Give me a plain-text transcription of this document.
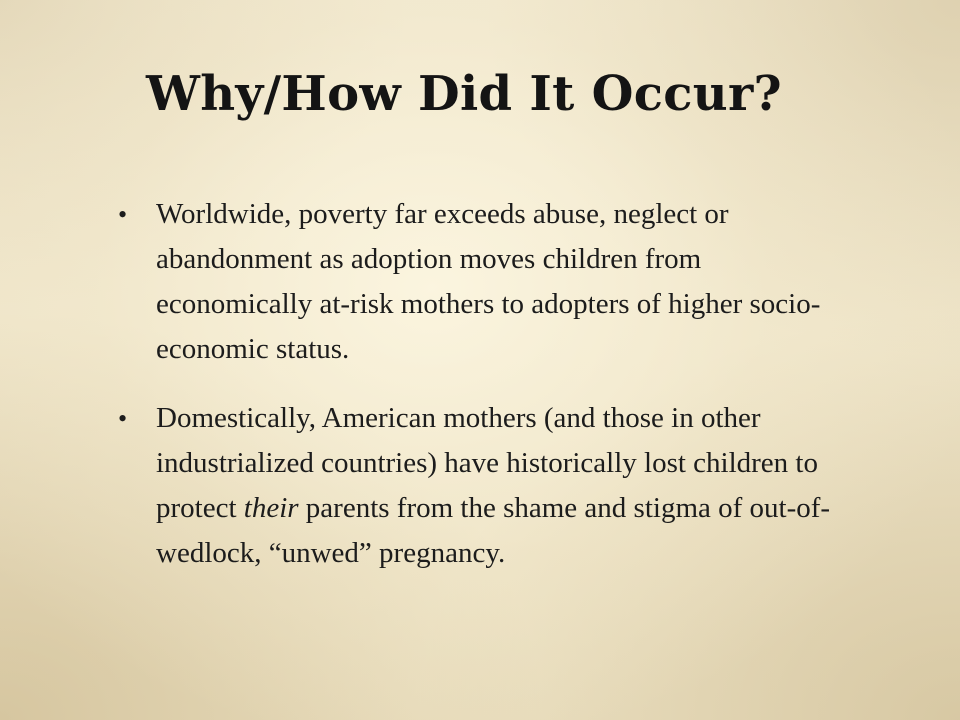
Why/How Did It Occur?
• Worldwide, poverty far exceeds abuse, neglect or abandonment as adoption moves children from economically at-risk mothers to adopters of higher socio-economic status.
• Domestically, American mothers (and those in other industrialized countries) have historically lost children to protect their parents from the shame and stigma of out-of-wedlock, “unwed” pregnancy.
